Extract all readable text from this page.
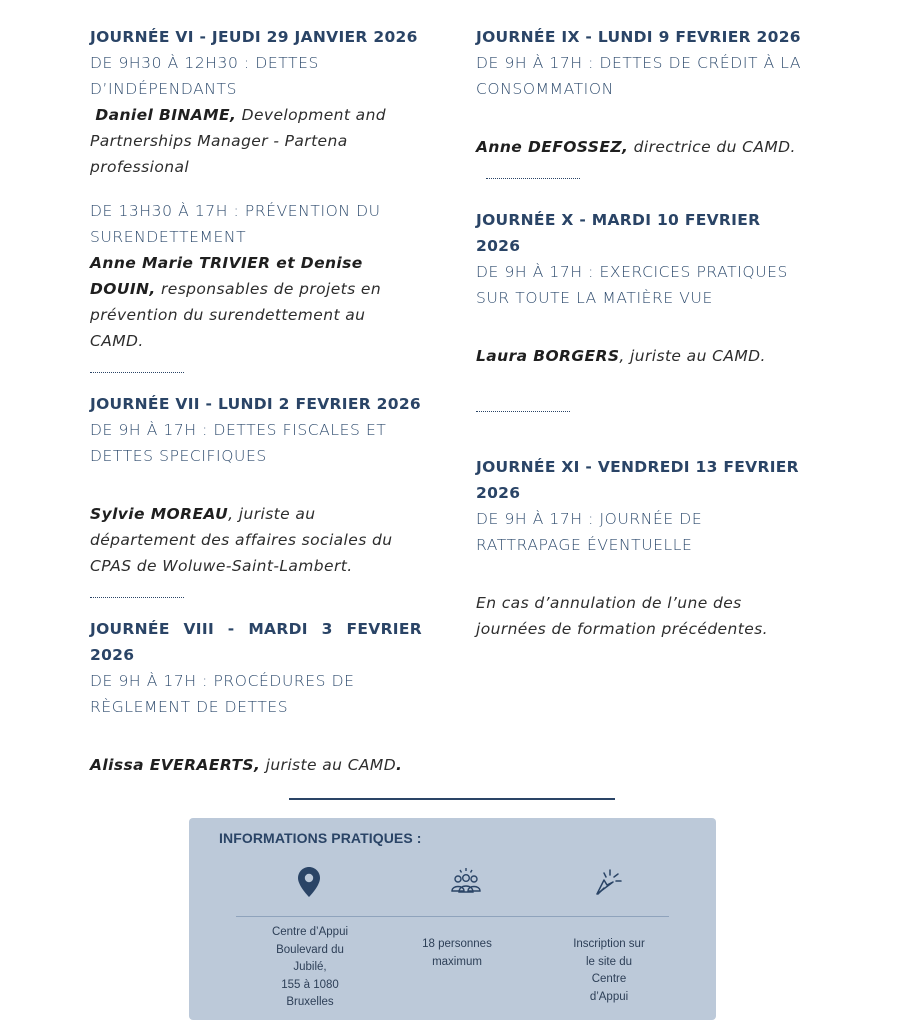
JOURNÉE VI - JEUDI 29 JANVIER 2026

DE 9H30 À 12H30 : DETTES D’INDÉPENDANTS

Daniel BINAME, Development and Partnerships Manager - Partena professional

DE 13H30 À 17H : PRÉVENTION DU SURENDETTEMENT

Anne Marie TRIVIER et Denise DOUIN, responsables de projets en prévention du surendettement au CAMD.

JOURNÉE VII - LUNDI 2 FEVRIER 2026

DE 9H À 17H : DETTES FISCALES ET DETTES SPECIFIQUES

Sylvie MOREAU, juriste au département des affaires sociales du CPAS de Woluwe-Saint-Lambert.

JOURNÉE VIII - MARDI 3 FEVRIER

2026

DE 9H À 17H : PROCÉDURES DE RÈGLEMENT DE DETTES

Alissa EVERAERTS, juriste au CAMD.

JOURNÉE IX - LUNDI 9 FEVRIER 2026

DE 9H À 17H : DETTES DE CRÉDIT À LA CONSOMMATION

Anne DEFOSSEZ, directrice du CAMD.

JOURNÉE X - MARDI 10 FEVRIER 2026

DE 9H À 17H : EXERCICES PRATIQUES SUR TOUTE LA MATIÈRE VUE

Laura BORGERS, juriste au CAMD.

JOURNÉE XI - VENDREDI 13 FEVRIER

2026

DE 9H À 17H : JOURNÉE DE RATTRAPAGE ÉVENTUELLE

En cas d’annulation de l’une des journées de formation précédentes.

INFORMATIONS PRATIQUES :
Centre d’Appui
Boulevard du
Jubilé,
155 à 1080
Bruxelles
18 personnes
maximum
Inscription sur
le site du
Centre
d’Appui
